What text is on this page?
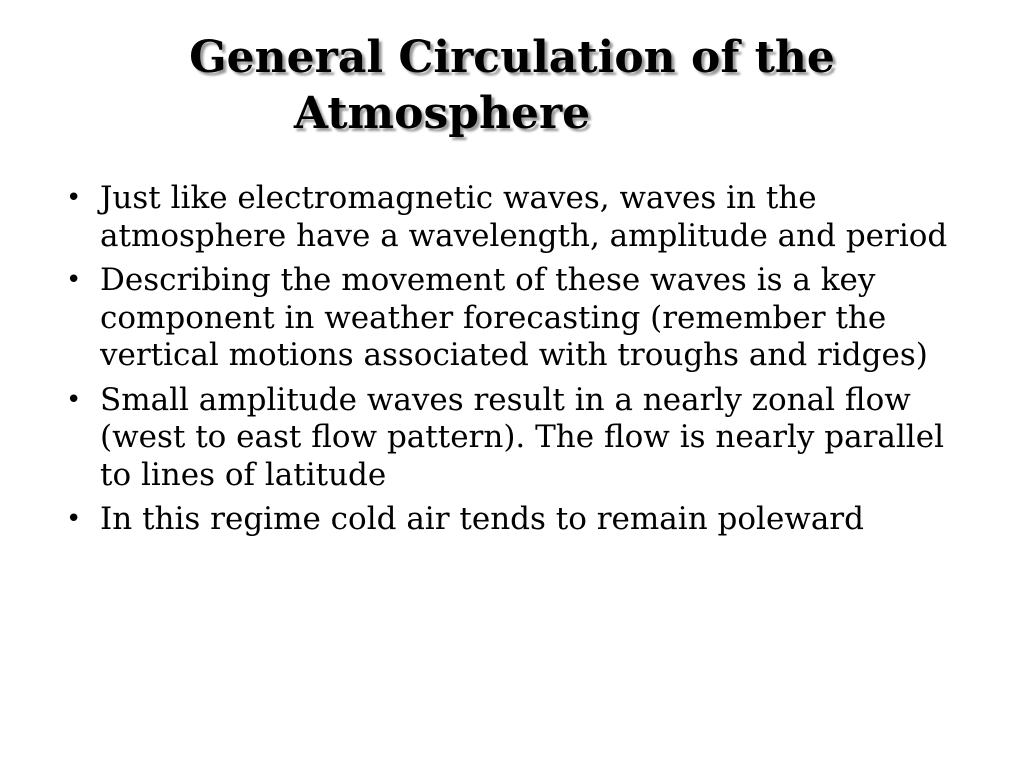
General Circulation of the
Atmosphere
• Just like electromagnetic waves, waves in the atmosphere have a wavelength, amplitude and period
• Describing the movement of these waves is a key component in weather forecasting (remember the vertical motions associated with troughs and ridges)
• Small amplitude waves result in a nearly zonal flow (west to east flow pattern). The flow is nearly parallel to lines of latitude
• In this regime cold air tends to remain poleward
